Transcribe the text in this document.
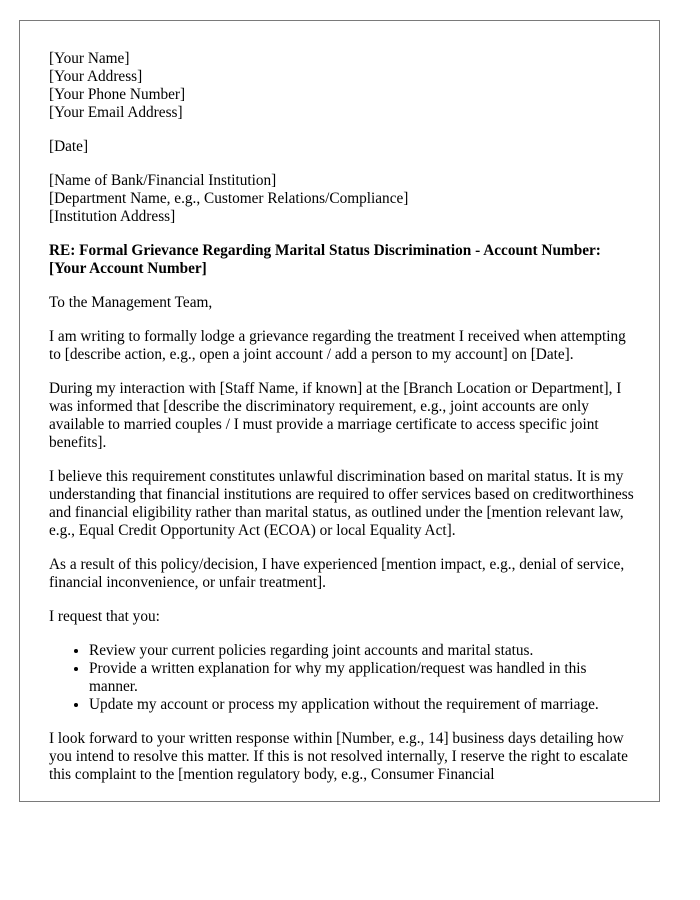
[Your Name]
[Your Address]
[Your Phone Number]
[Your Email Address]
[Date]
[Name of Bank/Financial Institution]
[Department Name, e.g., Customer Relations/Compliance]
[Institution Address]
RE: Formal Grievance Regarding Marital Status Discrimination - Account Number: [Your Account Number]

To the Management Team,

I am writing to formally lodge a grievance regarding the treatment I received when attempting to [describe action, e.g., open a joint account / add a person to my account] on [Date].

During my interaction with [Staff Name, if known] at the [Branch Location or Department], I was informed that [describe the discriminatory requirement, e.g., joint accounts are only available to married couples / I must provide a marriage certificate to access specific joint benefits].

I believe this requirement constitutes unlawful discrimination based on marital status. It is my understanding that financial institutions are required to offer services based on creditworthiness and financial eligibility rather than marital status, as outlined under the [mention relevant law, e.g., Equal Credit Opportunity Act (ECOA) or local Equality Act].

As a result of this policy/decision, I have experienced [mention impact, e.g., denial of service, financial inconvenience, or unfair treatment].

I request that you:

• Review your current policies regarding joint accounts and marital status.
• Provide a written explanation for why my application/request was handled in this manner.
• Update my account or process my application without the requirement of marriage.

I look forward to your written response within [Number, e.g., 14] business days detailing how you intend to resolve this matter. If this is not resolved internally, I reserve the right to escalate this complaint to the [mention regulatory body, e.g., Consumer Financial
